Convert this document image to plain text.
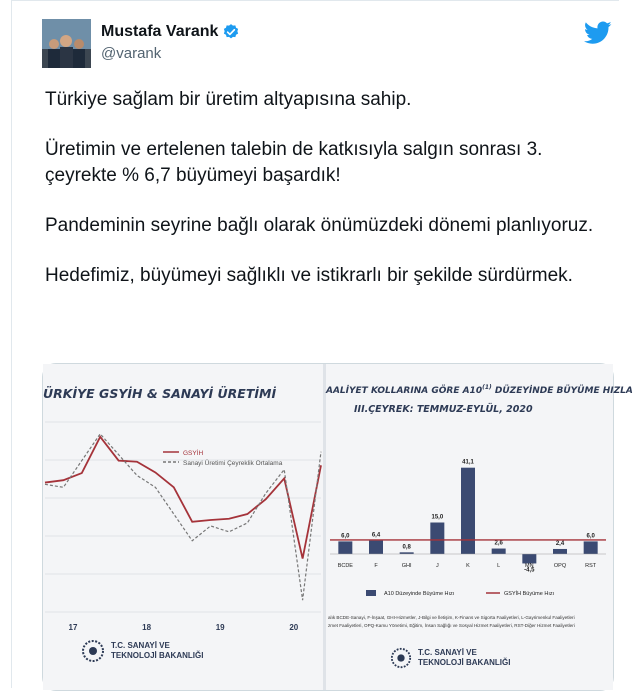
Mustafa Varank
@varank

Türkiye sağlam bir üretim altyapısına sahip.

Üretimin ve ertelenen talebin de katkısıyla salgın sonrası 3. çeyrekte % 6,7 büyümeyi başardık!

Pandeminin seyrine bağlı olarak önümüzdeki dönemi planlıyoruz.

Hedefimiz, büyümeyi sağlıklı ve istikrarlı bir şekilde sürdürmek.

ÜRKİYE GSYİH & SANAYİ ÜRETİMİ
GSYİH
Sanayi Üretimi Çeyreklik Ortalama
17	18	19	20
T.C. SANAYİ VE
TEKNOLOJİ BAKANLIĞI
AALİYET KOLLARINA GÖRE A10$^{(1)}$ DÜZEYİNDE BÜYÜME HIZLA
III.ÇEYREK: TEMMUZ-EYLÜL, 2020
6,0
BCDE
6,4
F
0,8
GHI
15,0
J
41,1
K
2,6
L
-4,5
MN
2,4
OPQ
6,0
RST
A10 Düzeyinde Büyüme Hızı	GSYİH Büyüme Hızı
alık BCDE-Sanayi, F-İnşaat, GHI-Hizmetler, J-Bilgi ve İletişim, K-Finans ve Sigorta Faaliyetleri, L-Gayrimenkul Faaliyetleri
zmet Faaliyetleri, OPQ-Kamu Yönetimi, Eğitim, İnsan Sağlığı ve Sosyal Hizmet Faaliyetleri, RST-Diğer Hizmet Faaliyetleri
T.C. SANAYİ VE
TEKNOLOJİ BAKANLIĞI
